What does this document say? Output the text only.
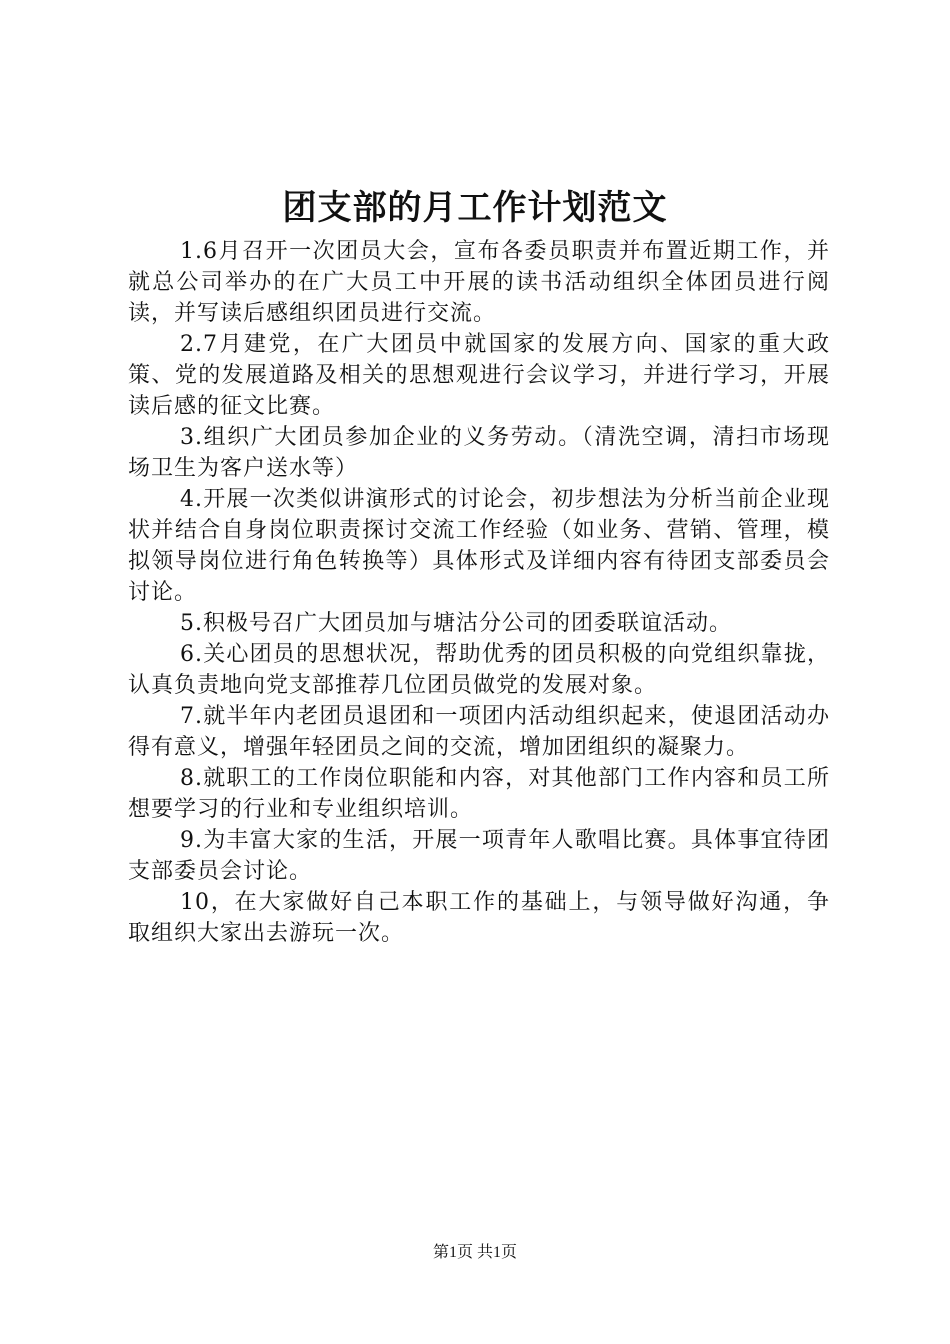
团支部的月工作计划范文

1.6月召开一次团员大会，宣布各委员职责并布置近期工作，并就总公司举办的在广大员工中开展的读书活动组织全体团员进行阅读，并写读后感组织团员进行交流。

2.7月建党，在广大团员中就国家的发展方向、国家的重大政策、党的发展道路及相关的思想观进行会议学习，并进行学习，开展读后感的征文比赛。

3.组织广大团员参加企业的义务劳动。（清洗空调，清扫市场现场卫生为客户送水等）

4.开展一次类似讲演形式的讨论会，初步想法为分析当前企业现状并结合自身岗位职责探讨交流工作经验（如业务、营销、管理，模拟领导岗位进行角色转换等）具体形式及详细内容有待团支部委员会讨论。

5.积极号召广大团员加与塘沽分公司的团委联谊活动。

6.关心团员的思想状况，帮助优秀的团员积极的向党组织靠拢，认真负责地向党支部推荐几位团员做党的发展对象。

7.就半年内老团员退团和一项团内活动组织起来，使退团活动办得有意义，增强年轻团员之间的交流，增加团组织的凝聚力。

8.就职工的工作岗位职能和内容，对其他部门工作内容和员工所想要学习的行业和专业组织培训。

9.为丰富大家的生活，开展一项青年人歌唱比赛。具体事宜待团支部委员会讨论。

10，在大家做好自己本职工作的基础上，与领导做好沟通，争取组织大家出去游玩一次。

第1页 共1页
